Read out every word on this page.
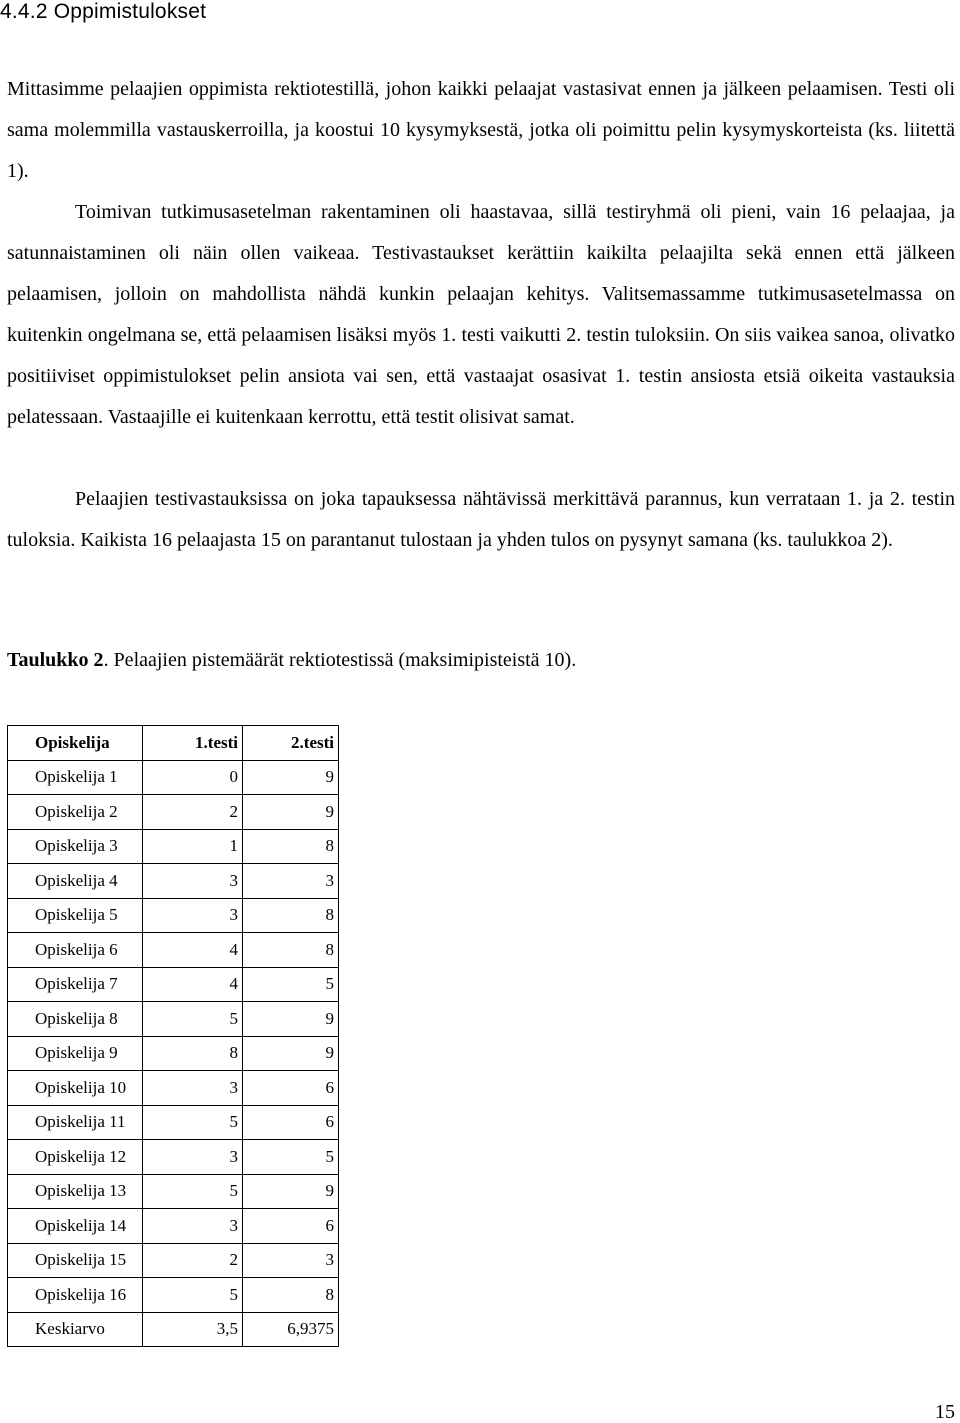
4.4.2 Oppimistulokset

Mittasimme pelaajien oppimista rektiotestillä, johon kaikki pelaajat vastasivat ennen ja jälkeen pelaamisen. Testi oli sama molemmilla vastauskerroilla, ja koostui 10 kysymyksestä, jotka oli poimittu pelin kysymyskorteista (ks. liitettä 1).

Toimivan tutkimusasetelman rakentaminen oli haastavaa, sillä testiryhmä oli pieni, vain 16 pelaajaa, ja satunnaistaminen oli näin ollen vaikeaa. Testivastaukset kerättiin kaikilta pelaajilta sekä ennen että jälkeen pelaamisen, jolloin on mahdollista nähdä kunkin pelaajan kehitys. Valitsemassamme tutkimusasetelmassa on kuitenkin ongelmana se, että pelaamisen lisäksi myös 1. testi vaikutti 2. testin tuloksiin. On siis vaikea sanoa, olivatko positiiviset oppimistulokset pelin ansiota vai sen, että vastaajat osasivat 1. testin ansiosta etsiä oikeita vastauksia pelatessaan. Vastaajille ei kuitenkaan kerrottu, että testit olisivat samat.

Pelaajien testivastauksissa on joka tapauksessa nähtävissä merkittävä parannus, kun verrataan 1. ja 2. testin tuloksia. Kaikista 16 pelaajasta 15 on parantanut tulostaan ja yhden tulos on pysynyt samana (ks. taulukkoa 2).

Taulukko 2. Pelaajien pistemäärät rektiotestissä (maksimipisteistä 10).
Opiskelija	1.testi	2.testi
Opiskelija 1	0	9
Opiskelija 2	2	9
Opiskelija 3	1	8
Opiskelija 4	3	3
Opiskelija 5	3	8
Opiskelija 6	4	8
Opiskelija 7	4	5
Opiskelija 8	5	9
Opiskelija 9	8	9
Opiskelija 10	3	6
Opiskelija 11	5	6
Opiskelija 12	3	5
Opiskelija 13	5	9
Opiskelija 14	3	6
Opiskelija 15	2	3
Opiskelija 16	5	8
Keskiarvo	3,5	6,9375
15
